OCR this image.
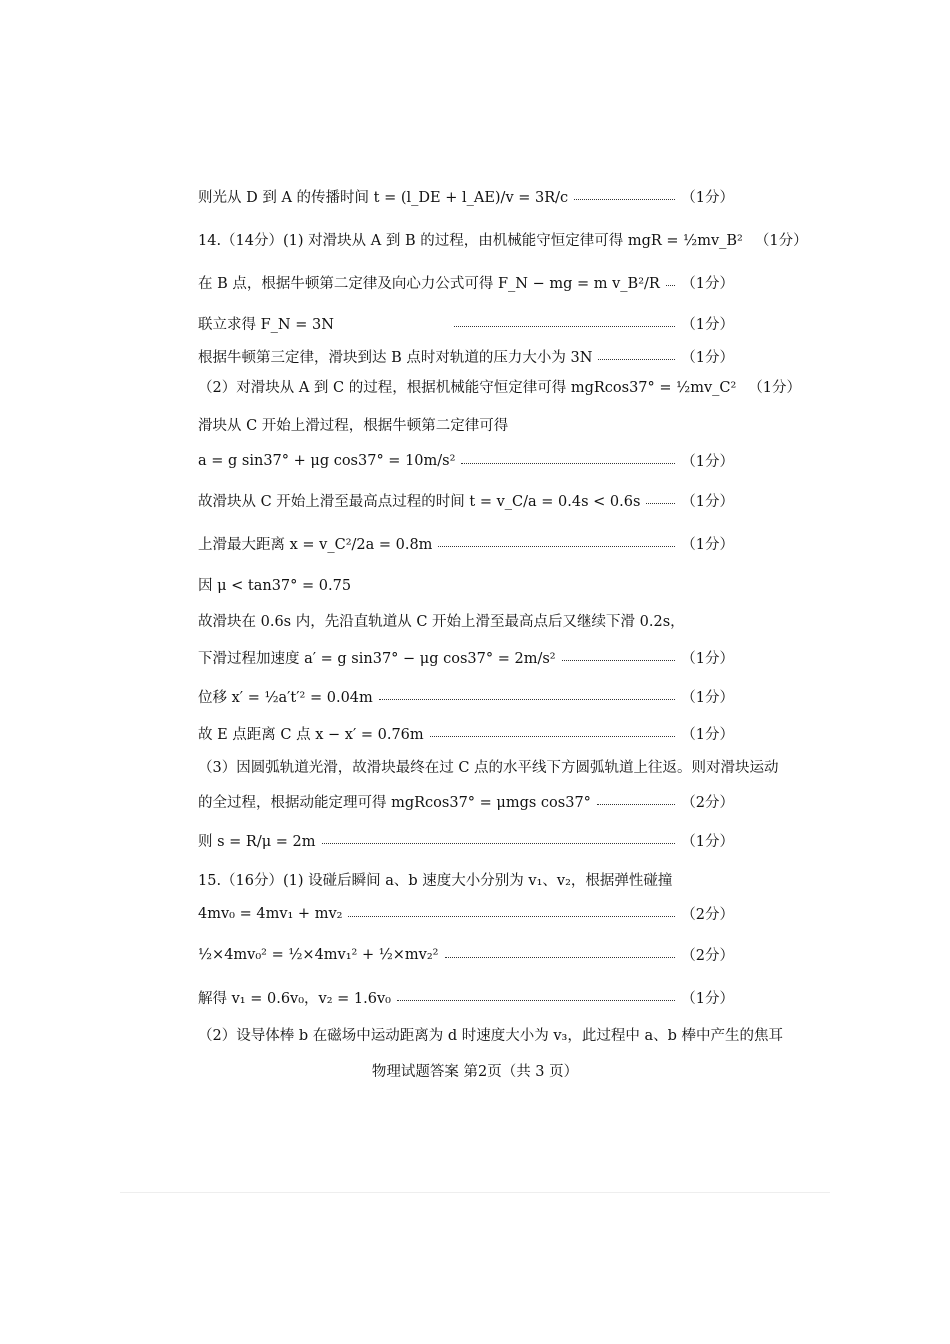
则光从 D 到 A 的传播时间 t = (l_DE + l_AE)/v = 3R/c	（1分）
14.（14分）(1) 对滑块从 A 到 B 的过程，由机械能守恒定律可得 mgR = ½mv_B² （1分）
在 B 点，根据牛顿第二定律及向心力公式可得 F_N − mg = m v_B²/R （1分）
联立求得 F_N = 3N	（1分）
根据牛顿第三定律，滑块到达 B 点时对轨道的压力大小为 3N	（1分）
（2）对滑块从 A 到 C 的过程，根据机械能守恒定律可得 mgRcos37° = ½mv_C² （1分）
滑块从 C 开始上滑过程，根据牛顿第二定律可得
a = g sin37° + μg cos37° = 10m/s²	（1分）
故滑块从 C 开始上滑至最高点过程的时间 t = v_C/a = 0.4s < 0.6s	（1分）
上滑最大距离 x = v_C²/2a = 0.8m	（1分）
因 μ < tan37° = 0.75
故滑块在 0.6s 内，先沿直轨道从 C 开始上滑至最高点后又继续下滑 0.2s，
下滑过程加速度 a′ = g sin37° − μg cos37° = 2m/s²	（1分）
位移 x′ = ½a′t′² = 0.04m	（1分）
故 E 点距离 C 点 x − x′ = 0.76m	（1分）
（3）因圆弧轨道光滑，故滑块最终在过 C 点的水平线下方圆弧轨道上往返。则对滑块运动
的全过程，根据动能定理可得 mgRcos37° = μmgs cos37°	（2分）
则 s = R/μ = 2m	（1分）
15.（16分）(1) 设碰后瞬间 a、b 速度大小分别为 v₁、v₂，根据弹性碰撞
4mv₀ = 4mv₁ + mv₂	（2分）
½×4mv₀² = ½×4mv₁² + ½×mv₂²	（2分）
解得 v₁ = 0.6v₀，v₂ = 1.6v₀	（1分）
（2）设导体棒 b 在磁场中运动距离为 d 时速度大小为 v₃，此过程中 a、b 棒中产生的焦耳
物理试题答案 第2页（共 3 页）
